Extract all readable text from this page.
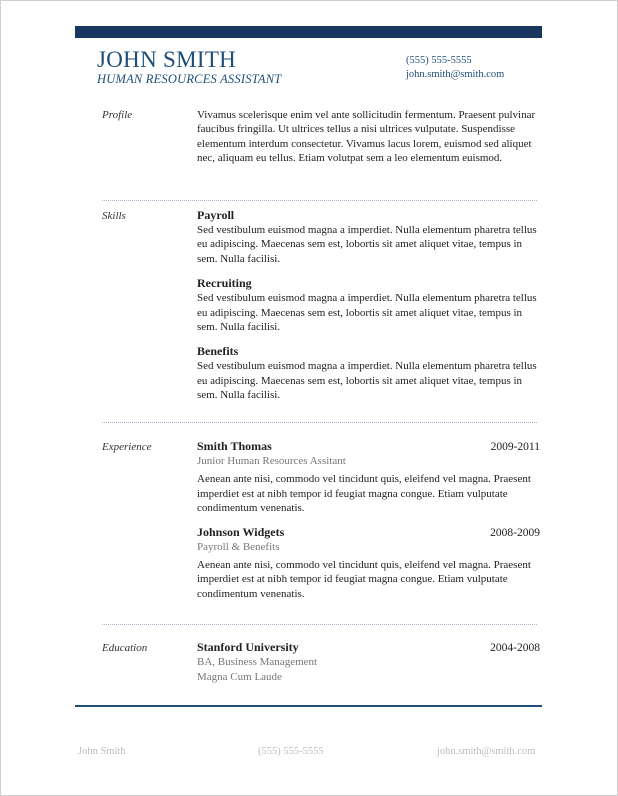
JOHN SMITH
HUMAN RESOURCES ASSISTANT
(555) 555-5555
john.smith@smith.com
Profile	Vivamus scelerisque enim vel ante sollicitudin fermentum. Praesent pulvinar faucibus fringilla. Ut ultrices tellus a nisi ultrices vulputate. Suspendisse elementum interdum consectetur. Vivamus lacus lorem, euismod sed aliquet nec, aliquam eu tellus. Etiam volutpat sem a leo elementum euismod.

Skills	Payroll

Sed vestibulum euismod magna a imperdiet. Nulla elementum pharetra tellus eu adipiscing. Maecenas sem est, lobortis sit amet aliquet vitae, tempus in sem. Nulla facilisi.

Recruiting

Sed vestibulum euismod magna a imperdiet. Nulla elementum pharetra tellus eu adipiscing. Maecenas sem est, lobortis sit amet aliquet vitae, tempus in sem. Nulla facilisi.

Benefits

Sed vestibulum euismod magna a imperdiet. Nulla elementum pharetra tellus eu adipiscing. Maecenas sem est, lobortis sit amet aliquet vitae, tempus in sem. Nulla facilisi.

Experience	Smith Thomas	2009-2011

Junior Human Resources Assitant

Aenean ante nisi, commodo vel tincidunt quis, eleifend vel magna. Praesent imperdiet est at nibh tempor id feugiat magna congue. Etiam vulputate condimentum venenatis.

Johnson Widgets	2008-2009

Payroll & Benefits

Aenean ante nisi, commodo vel tincidunt quis, eleifend vel magna. Praesent imperdiet est at nibh tempor id feugiat magna congue. Etiam vulputate condimentum venenatis.

Education	Stanford University	2004-2008

BA, Business Management

Magna Cum Laude

John Smith	(555) 555-5555	john.smith@smith.com
